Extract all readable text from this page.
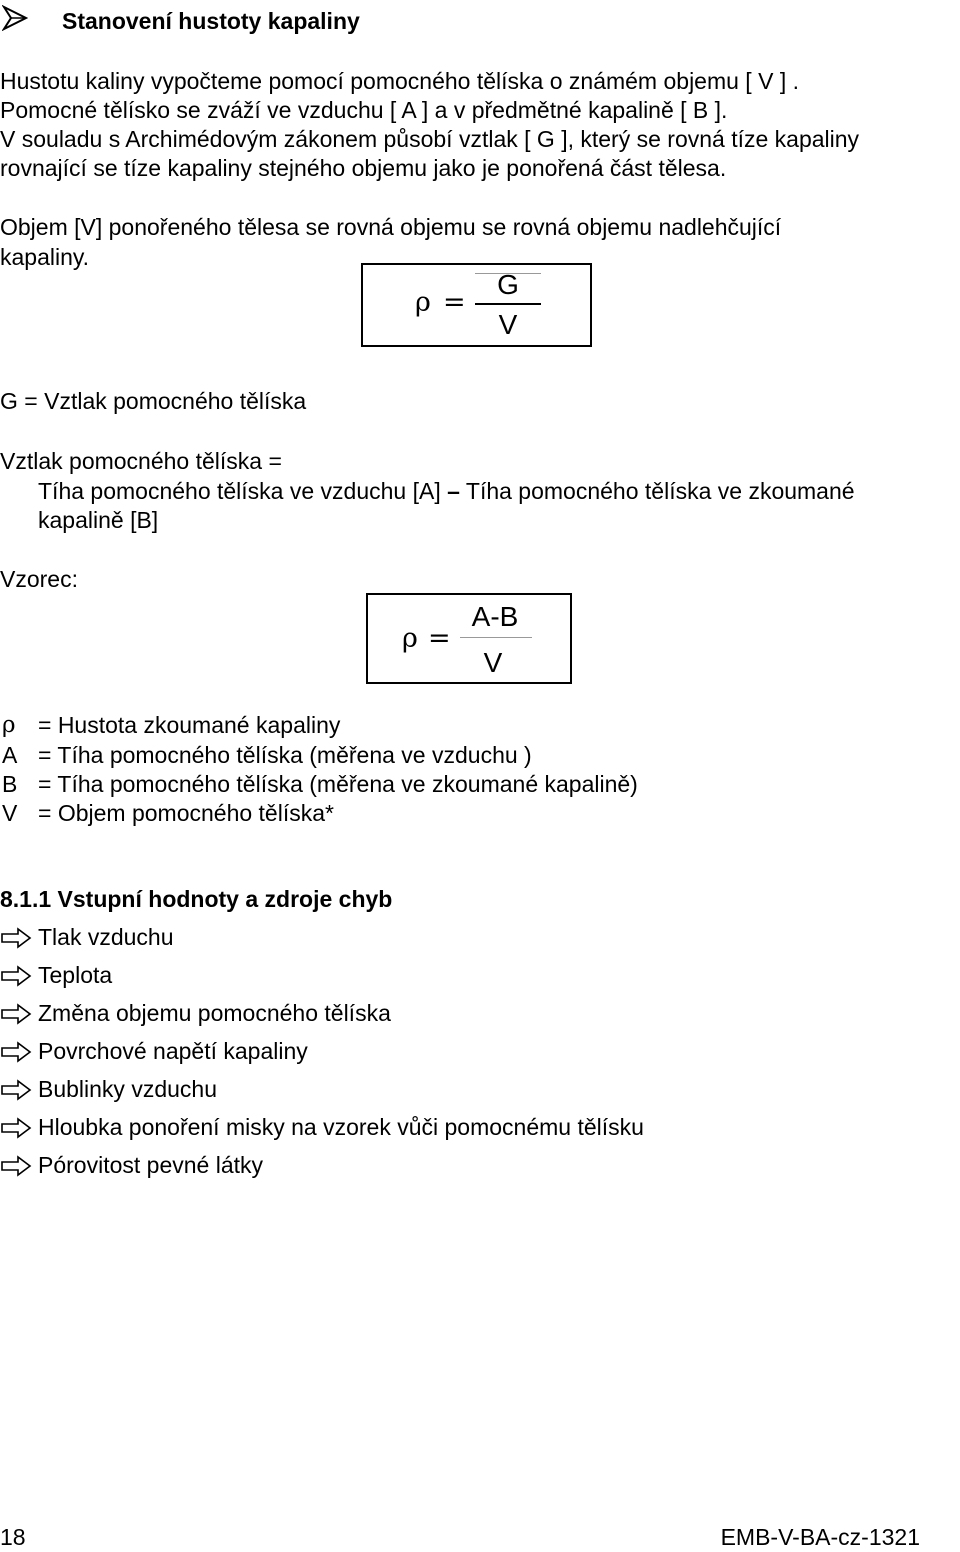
Stanovení hustoty kapaliny
Hustotu kaliny vypočteme pomocí pomocného tělíska o známém objemu [ V ] .
Pomocné tělísko se zváží ve vzduchu [ A ] a v předmětné kapalině [ B ].
V souladu s Archimédovým zákonem působí vztlak [ G ], který se rovná tíze kapaliny
rovnající se tíze kapaliny stejného objemu jako je ponořená část tělesa.
Objem [V] ponořeného tělesa se rovná objemu se rovná objemu nadlehčující
kapaliny.
ρ =
G
V
G = Vztlak pomocného tělíska
Vztlak pomocného tělíska =
Tíha pomocného tělíska ve vzduchu [A] – Tíha pomocného tělíska ve zkoumané
kapalině [B]
Vzorec:
ρ =
A-B
V
ρ = Hustota zkoumané kapaliny
A = Tíha pomocného tělíska (měřena ve vzduchu )
B = Tíha pomocného tělíska (měřena ve zkoumané kapalině)
V = Objem pomocného tělíska*
8.1.1 Vstupní hodnoty a zdroje chyb
Tlak vzduchu
Teplota
Změna objemu pomocného tělíska
Povrchové napětí kapaliny
Bublinky vzduchu
Hloubka ponoření misky na vzorek vůči pomocnému tělísku
Pórovitost pevné látky
18	EMB-V-BA-cz-1321
